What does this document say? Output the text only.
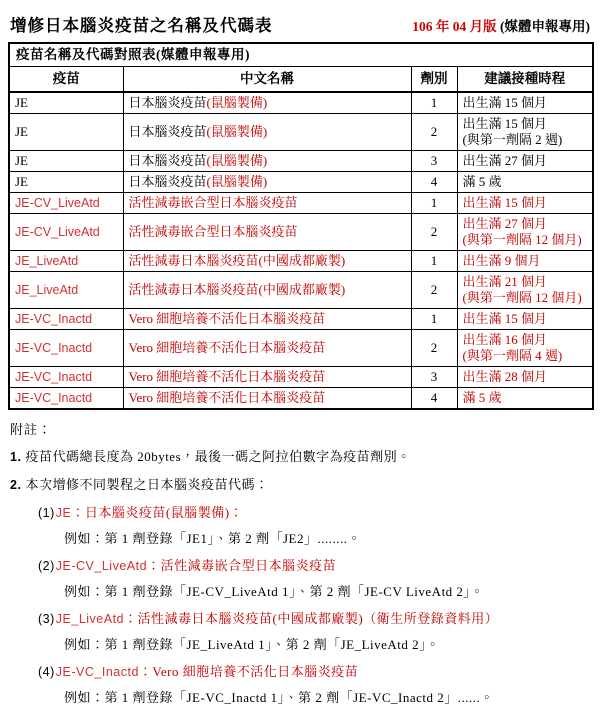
增修日本腦炎疫苗之名稱及代碼表	106 年 04 月版 (媒體申報專用)
疫苗名稱及代碼對照表(媒體申報專用)			
疫苗	中文名稱	劑別	建議接種時程
JE	日本腦炎疫苗(鼠腦製備)	1	出生滿 15 個月

JE	日本腦炎疫苗(鼠腦製備)	2	出生滿 15 個月
(與第一劑隔 2 週)

JE	日本腦炎疫苗(鼠腦製備)	3	出生滿 27 個月

JE	日本腦炎疫苗(鼠腦製備)	4	滿 5 歲

JE-CV_LiveAtd	活性減毒嵌合型日本腦炎疫苗	1	出生滿 15 個月

JE-CV_LiveAtd	活性減毒嵌合型日本腦炎疫苗	2	出生滿 27 個月
(與第一劑隔 12 個月)

JE_LiveAtd	活性減毒日本腦炎疫苗(中國成都廠製)	1	出生滿 9 個月

JE_LiveAtd	活性減毒日本腦炎疫苗(中國成都廠製)	2	出生滿 21 個月
(與第一劑隔 12 個月)

JE-VC_Inactd	Vero 細胞培養不活化日本腦炎疫苗	1	出生滿 15 個月

JE-VC_Inactd	Vero 細胞培養不活化日本腦炎疫苗	2	出生滿 16 個月
(與第一劑隔 4 週)

JE-VC_Inactd	Vero 細胞培養不活化日本腦炎疫苗	3	出生滿 28 個月

JE-VC_Inactd	Vero 細胞培養不活化日本腦炎疫苗	4	滿 5 歲
附註：
1. 疫苗代碼總長度為 20bytes，最後一碼之阿拉伯數字為疫苗劑別。
2. 本次增修不同製程之日本腦炎疫苗代碼：
(1)JE：日本腦炎疫苗(鼠腦製備)：
例如：第 1 劑登錄「JE1」、第 2 劑「JE2」........。
(2)JE-CV_LiveAtd：活性減毒嵌合型日本腦炎疫苗
例如：第 1 劑登錄「JE-CV_LiveAtd 1」、第 2 劑「JE-CV LiveAtd 2」。
(3)JE_LiveAtd：活性減毒日本腦炎疫苗(中國成都廠製)（衛生所登錄資料用）
例如：第 1 劑登錄「JE_LiveAtd 1」、第 2 劑「JE_LiveAtd 2」。
(4)JE-VC_Inactd：Vero 細胞培養不活化日本腦炎疫苗
例如：第 1 劑登錄「JE-VC_Inactd 1」、第 2 劑「JE-VC_Inactd 2」......。
